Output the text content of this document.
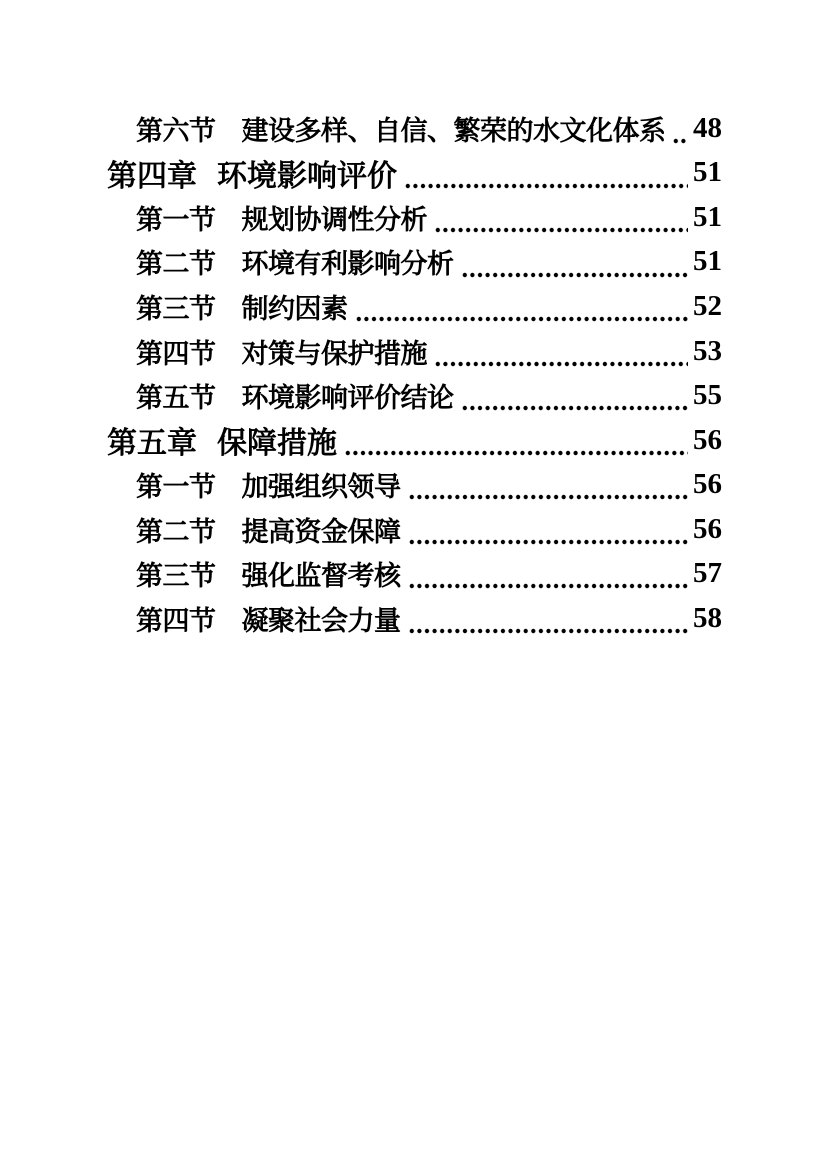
第六节 建设多样、自信、繁荣的水文化体系 48
第四章 环境影响评价	51
第一节 规划协调性分析	51
第二节 环境有利影响分析	51
第三节 制约因素	52
第四节 对策与保护措施	53
第五节 环境影响评价结论	55
第五章 保障措施	56
第一节 加强组织领导	56
第二节 提高资金保障	56
第三节 强化监督考核	57
第四节 凝聚社会力量	58
